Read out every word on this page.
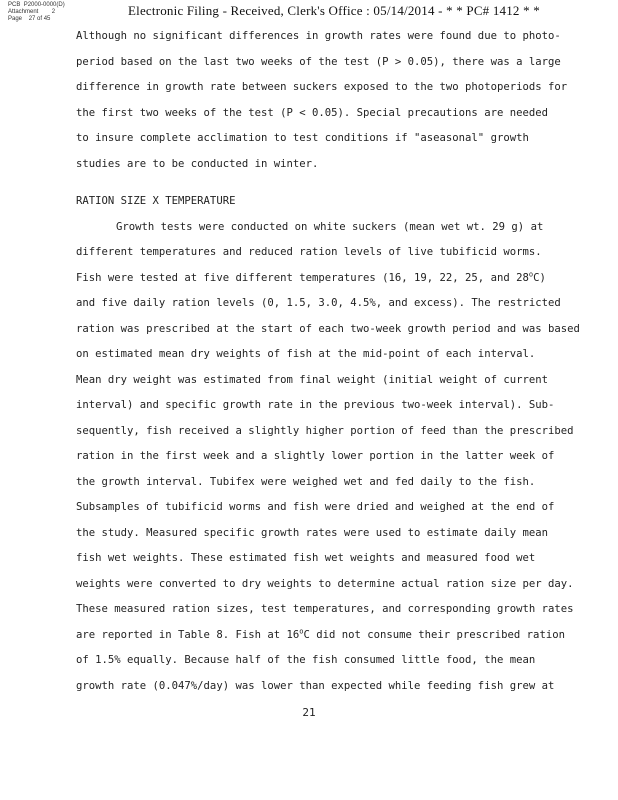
PCB P2000-0000(D)
Attachment 2
Page 27 of 45
Electronic Filing - Received, Clerk's Office : 05/14/2014 - * * PC# 1412 * *
Although no significant differences in growth rates were found due to photo-
period based on the last two weeks of the test (P > 0.05), there was a large
difference in growth rate between suckers exposed to the two photoperiods for
the first two weeks of the test (P < 0.05). Special precautions are needed
to insure complete acclimation to test conditions if "aseasonal" growth
studies are to be conducted in winter.
RATION SIZE X TEMPERATURE
Growth tests were conducted on white suckers (mean wet wt. 29 g) at
different temperatures and reduced ration levels of live tubificid worms.
Fish were tested at five different temperatures (16, 19, 22, 25, and 28$^o$C)
and five daily ration levels (0, 1.5, 3.0, 4.5%, and excess). The restricted
ration was prescribed at the start of each two-week growth period and was based
on estimated mean dry weights of fish at the mid-point of each interval.
Mean dry weight was estimated from final weight (initial weight of current
interval) and specific growth rate in the previous two-week interval). Sub-
sequently, fish received a slightly higher portion of feed than the prescribed
ration in the first week and a slightly lower portion in the latter week of
the growth interval. Tubifex were weighed wet and fed daily to the fish.
Subsamples of tubificid worms and fish were dried and weighed at the end of
the study. Measured specific growth rates were used to estimate daily mean
fish wet weights. These estimated fish wet weights and measured food wet
weights were converted to dry weights to determine actual ration size per day.
These measured ration sizes, test temperatures, and corresponding growth rates
are reported in Table 8. Fish at 16$^o$C did not consume their prescribed ration
of 1.5% equally. Because half of the fish consumed little food, the mean
growth rate (0.047%/day) was lower than expected while feeding fish grew at
21
